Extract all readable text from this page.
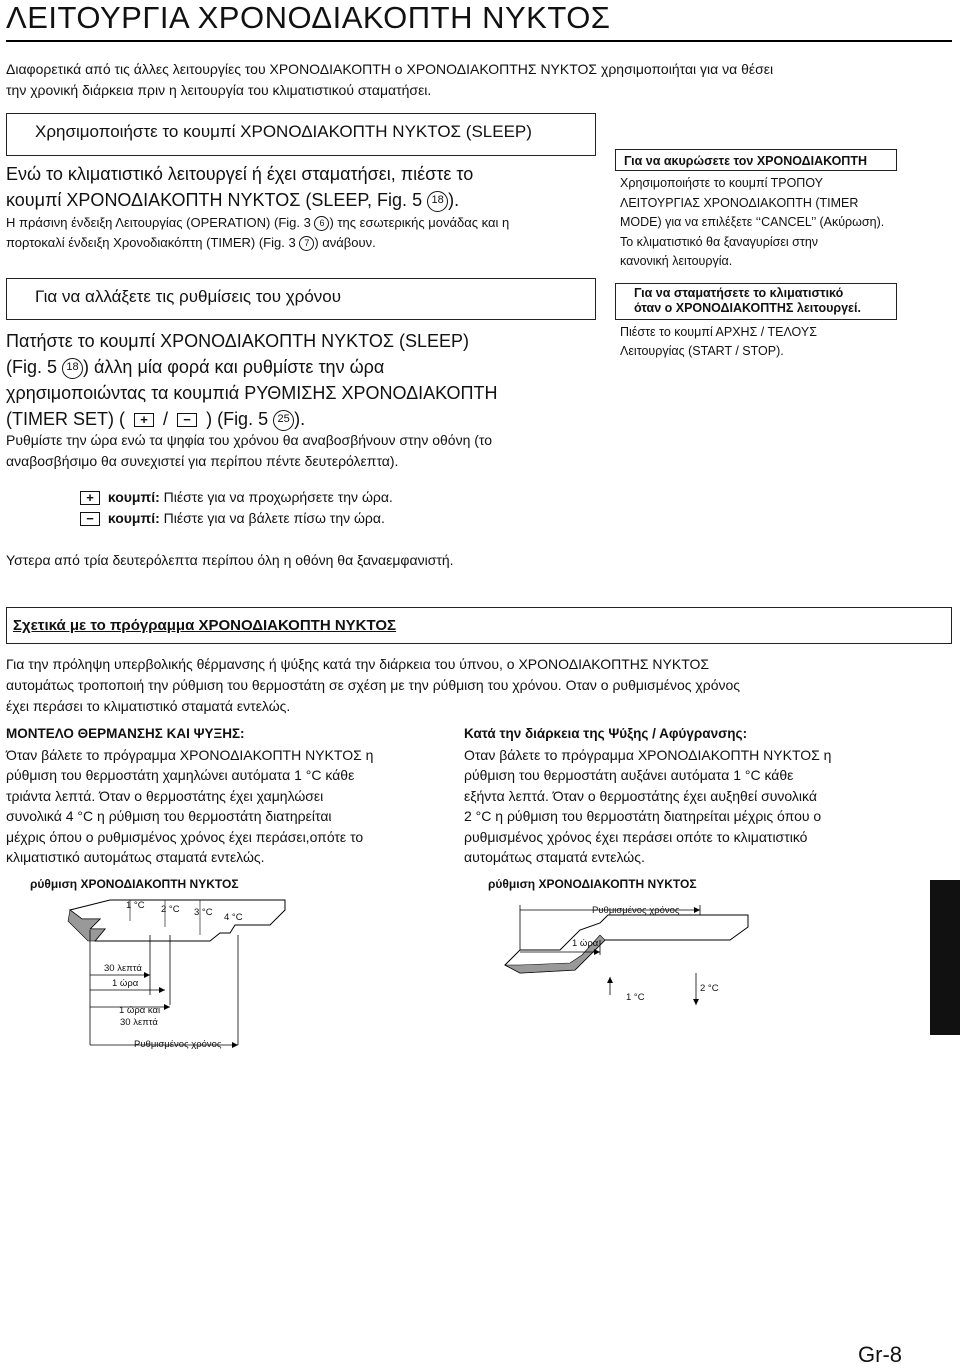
ΛΕΙΤΟΥΡΓΙΑ ΧΡΟΝΟΔΙΑΚΟΠΤΗ ΝΥΚΤΟΣ
Διαφορετικά από τις άλλες λειτουργίες του ΧΡΟΝΟΔΙΑΚΟΠΤΗ ο ΧΡΟΝΟΔΙΑΚΟΠΤΗΣ ΝΥΚΤΟΣ χρησιμοποιήται για να θέσει
την χρονική διάρκεια πριν η λειτουργία του κλιματιστικού σταματήσει.
Χρησιμοποιήστε το κουμπί ΧΡΟΝΟΔΙΑΚΟΠΤΗ ΝΥΚΤΟΣ (SLEEP)
Ενώ το κλιματιστικό λειτουργεί ή έχει σταματήσει, πιέστε το
κουμπί ΧΡΟΝΟΔΙΑΚΟΠΤΗ ΝΥΚΤΟΣ (SLEEP, Fig. 5 18 ).
Η πράσινη ένδειξη Λειτουργίας (OPERATION) (Fig. 3 6 ) της εσωτερικής μονάδας και η
πορτοκαλί ένδειξη Χρονοδιακόπτη (TIMER) (Fig. 3 7 ) ανάβουν.
Για να ακυρώσετε τον ΧΡΟΝΟΔΙΑΚΟΠΤΗ
Χρησιμοποιήστε το κουμπί ΤΡΟΠΟΥ
ΛΕΙΤΟΥΡΓΙΑΣ ΧΡΟΝΟΔΙΑΚΟΠΤΗ (TIMER
MODE) για να επιλέξετε ‘‘CANCEL’’ (Ακύρωση).
Το κλιματιστικό θα ξαναγυρίσει στην
κανονική λειτουργία.
Για να αλλάξετε τις ρυθμίσεις του χρόνου
Πατήστε το κουμπί ΧΡΟΝΟΔΙΑΚΟΠΤΗ ΝΥΚΤΟΣ (SLEEP)
(Fig. 5 18 ) άλλη μία φορά και ρυθμίστε την ώρα
χρησιμοποιώντας τα κουμπιά ΡΥΘΜΙΣΗΣ ΧΡΟΝΟΔΙΑΚΟΠΤΗ
(TIMER SET) ( + / − ) (Fig. 5 25 ).
Ρυθμίστε την ώρα ενώ τα ψηφία του χρόνου θα αναβοσβήνουν στην οθόνη (το
αναβοσβήσιμο θα συνεχιστεί για περίπου πέντε δευτερόλεπτα).
Για να σταματήσετε το κλιματιστικό
όταν ο ΧΡΟΝΟΔΙΑΚΟΠΤΗΣ λειτουργεί.
Πιέστε το κουμπί ΑΡΧΗΣ / ΤΕΛΟΥΣ
Λειτουργίας (START / STOP).
+ κουμπί: Πιέστε για να προχωρήσετε την ώρα.
− κουμπί: Πιέστε για να βάλετε πίσω την ώρα.
Υστερα από τρία δευτερόλεπτα περίπου όλη η οθόνη θα ξαναεμφανιστή.
Σχετικά με το πρόγραμμα ΧΡΟΝΟΔΙΑΚΟΠΤΗ ΝΥΚΤΟΣ
Για την πρόληψη υπερβολικής θέρμανσης ή ψύξης κατά την διάρκεια του ύπνου, ο ΧΡΟΝΟΔΙΑΚΟΠΤΗΣ ΝΥΚΤΟΣ
αυτομάτως τροποποιή την ρύθμιση του θερμοστάτη σε σχέση με την ρύθμιση του χρόνου. Οταν ο ρυθμισμένος χρόνος
έχει περάσει το κλιματιστικό σταματά εντελώς.
ΜΟΝΤΕΛΟ ΘΕΡΜΑΝΣΗΣ ΚΑΙ ΨΥΞΗΣ:
Όταν βάλετε το πρόγραμμα ΧΡΟΝΟΔΙΑΚΟΠΤΗ ΝΥΚΤΟΣ η
ρύθμιση του θερμοστάτη χαμηλώνει αυτόματα 1 °C κάθε
τριάντα λεπτά. Όταν ο θερμοστάτης έχει χαμηλώσει
συνολικά 4 °C η ρύθμιση του θερμοστάτη διατηρείται
μέχρις όπου ο ρυθμισμένος χρόνος έχει περάσει,οπότε το
κλιματιστικό αυτομάτως σταματά εντελώς.
Κατά την διάρκεια της Ψύξης / Αφύγρανσης:
Οταν βάλετε το πρόγραμμα ΧΡΟΝΟΔΙΑΚΟΠΤΗ ΝΥΚΤΟΣ η
ρύθμιση του θερμοστάτη αυξάνει αυτόματα 1 °C κάθε
εξήντα λεπτά. Όταν ο θερμοστάτης έχει αυξηθεί συνολικά
2 °C η ρύθμιση του θερμοστάτη διατηρείται μέχρις όπου ο
ρυθμισμένος χρόνος έχει περάσει οπότε το κλιματιστικό
αυτομάτως σταματά εντελώς.
ρύθμιση ΧΡΟΝΟΔΙΑΚΟΠΤΗ ΝΥΚΤΟΣ
1 °C 2 °C 3 °C 4 °C
30 λεπτά
1 ώρα
1 ώρα και
30 λεπτά
Ρυθμισμένος χρόνος
ρύθμιση ΧΡΟΝΟΔΙΑΚΟΠΤΗ ΝΥΚΤΟΣ
Ρυθμισμένος χρόνος
1 ώρα
1 °C
2 °C
Gr-8
